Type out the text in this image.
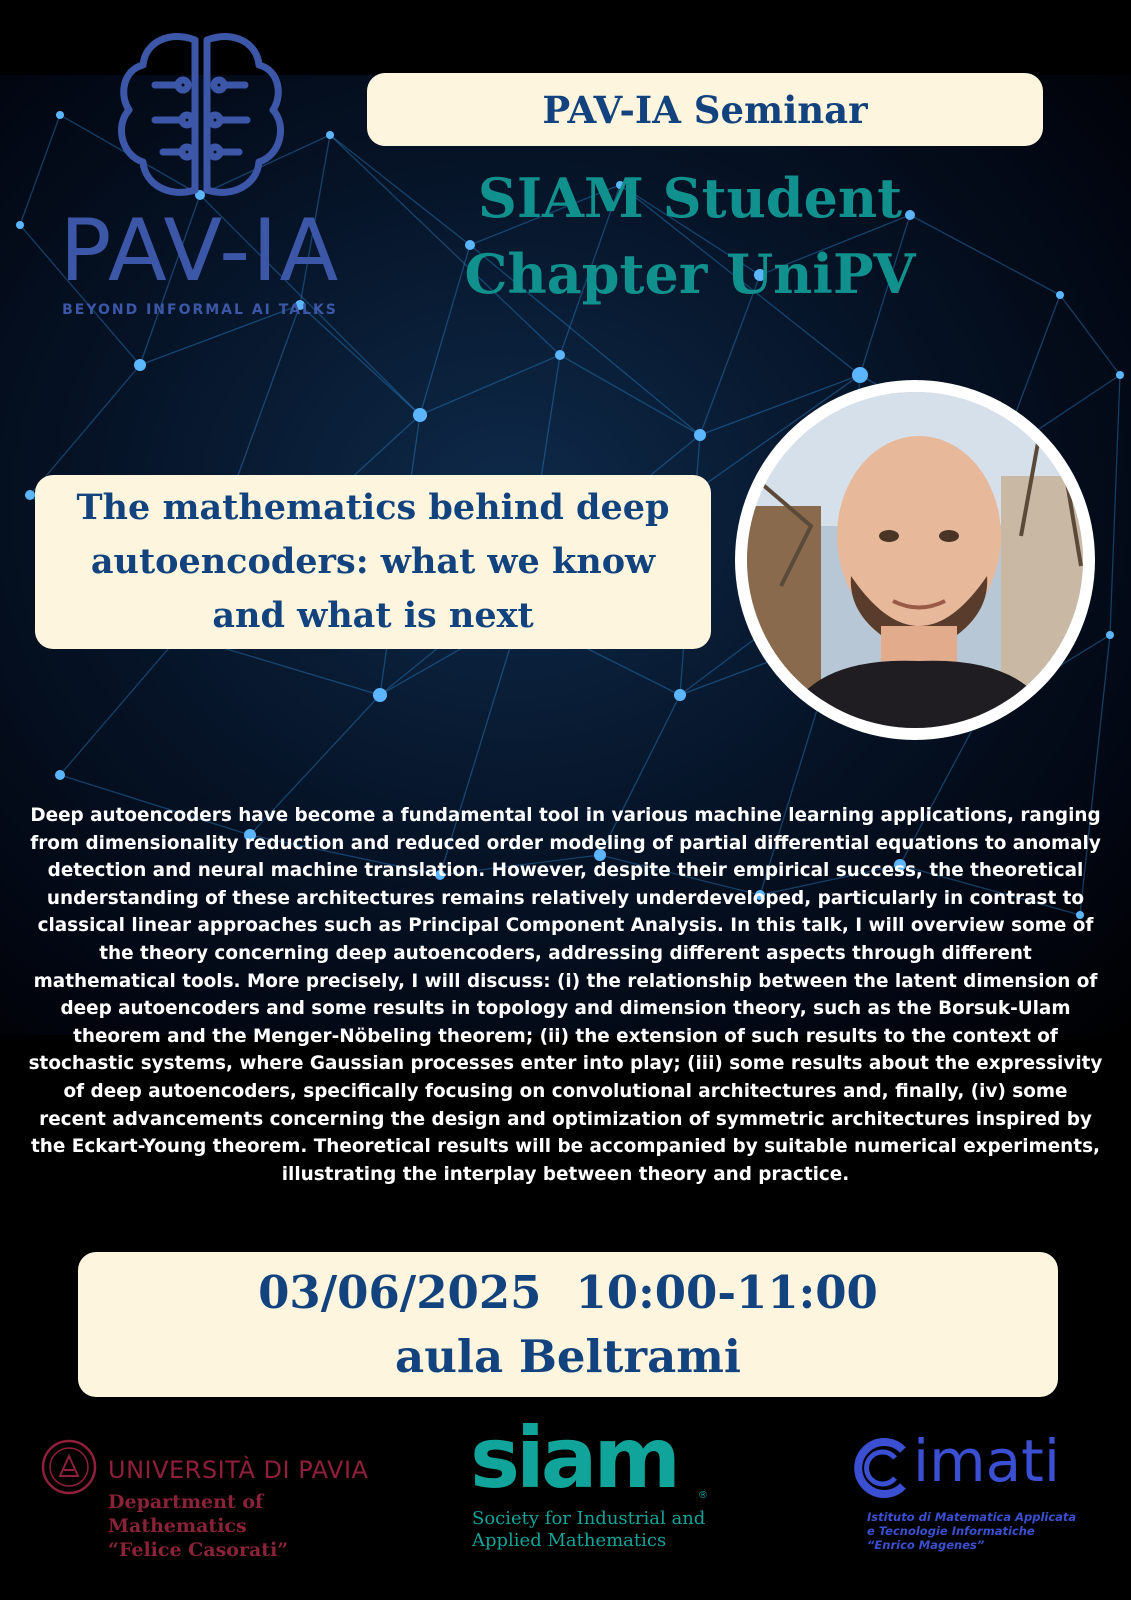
PAV-IA
BEYOND INFORMAL AI TALKS
PAV-IA Seminar
SIAM Student
Chapter UniPV
The mathematics behind deep
autoencoders: what we know
and what is next

Deep autoencoders have become a fundamental tool in various machine learning applications, ranging from dimensionality reduction and reduced order modeling of partial differential equations to anomaly detection and neural machine translation. However, despite their empirical success, the theoretical understanding of these architectures remains relatively underdeveloped, particularly in contrast to classical linear approaches such as Principal Component Analysis. In this talk, I will overview some of the theory concerning deep autoencoders, addressing different aspects through different mathematical tools. More precisely, I will discuss: (i) the relationship between the latent dimension of deep autoencoders and some results in topology and dimension theory, such as the Borsuk-Ulam theorem and the Menger-Nöbeling theorem; (ii) the extension of such results to the context of stochastic systems, where Gaussian processes enter into play; (iii) some results about the expressivity of deep autoencoders, specifically focusing on convolutional architectures and, finally, (iv) some recent advancements concerning the design and optimization of symmetric architectures inspired by the Eckart-Young theorem. Theoretical results will be accompanied by suitable numerical experiments, illustrating the interplay between theory and practice.

03/06/2025 10:00-11:00
aula Beltrami
UNIVERSITÀ DI PAVIA
Department of Mathematics
“Felice Casorati”
siam ®
Society for Industrial and
Applied Mathematics
imati
Istituto di Matematica Applicata
e Tecnologie Informatiche
“Enrico Magenes”
